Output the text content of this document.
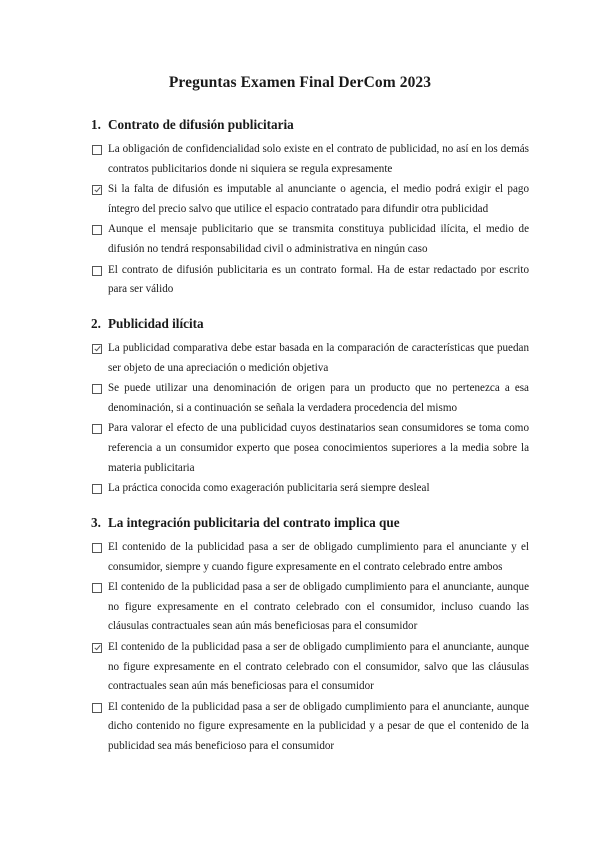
Preguntas Examen Final DerCom 2023
1. Contrato de difusión publicitaria
La obligación de confidencialidad solo existe en el contrato de publicidad, no así en los demás contratos publicitarios donde ni siquiera se regula expresamente
Si la falta de difusión es imputable al anunciante o agencia, el medio podrá exigir el pago íntegro del precio salvo que utilice el espacio contratado para difundir otra publicidad
Aunque el mensaje publicitario que se transmita constituya publicidad ilícita, el medio de difusión no tendrá responsabilidad civil o administrativa en ningún caso
El contrato de difusión publicitaria es un contrato formal. Ha de estar redactado por escrito para ser válido
2. Publicidad ilícita
La publicidad comparativa debe estar basada en la comparación de características que puedan ser objeto de una apreciación o medición objetiva
Se puede utilizar una denominación de origen para un producto que no pertenezca a esa denominación, si a continuación se señala la verdadera procedencia del mismo
Para valorar el efecto de una publicidad cuyos destinatarios sean consumidores se toma como referencia a un consumidor experto que posea conocimientos superiores a la media sobre la materia publicitaria
La práctica conocida como exageración publicitaria será siempre desleal
3. La integración publicitaria del contrato implica que
El contenido de la publicidad pasa a ser de obligado cumplimiento para el anunciante y el consumidor, siempre y cuando figure expresamente en el contrato celebrado entre ambos
El contenido de la publicidad pasa a ser de obligado cumplimiento para el anunciante, aunque no figure expresamente en el contrato celebrado con el consumidor, incluso cuando las cláusulas contractuales sean aún más beneficiosas para el consumidor
El contenido de la publicidad pasa a ser de obligado cumplimiento para el anunciante, aunque no figure expresamente en el contrato celebrado con el consumidor, salvo que las cláusulas contractuales sean aún más beneficiosas para el consumidor
El contenido de la publicidad pasa a ser de obligado cumplimiento para el anunciante, aunque dicho contenido no figure expresamente en la publicidad y a pesar de que el contenido de la publicidad sea más beneficioso para el consumidor
